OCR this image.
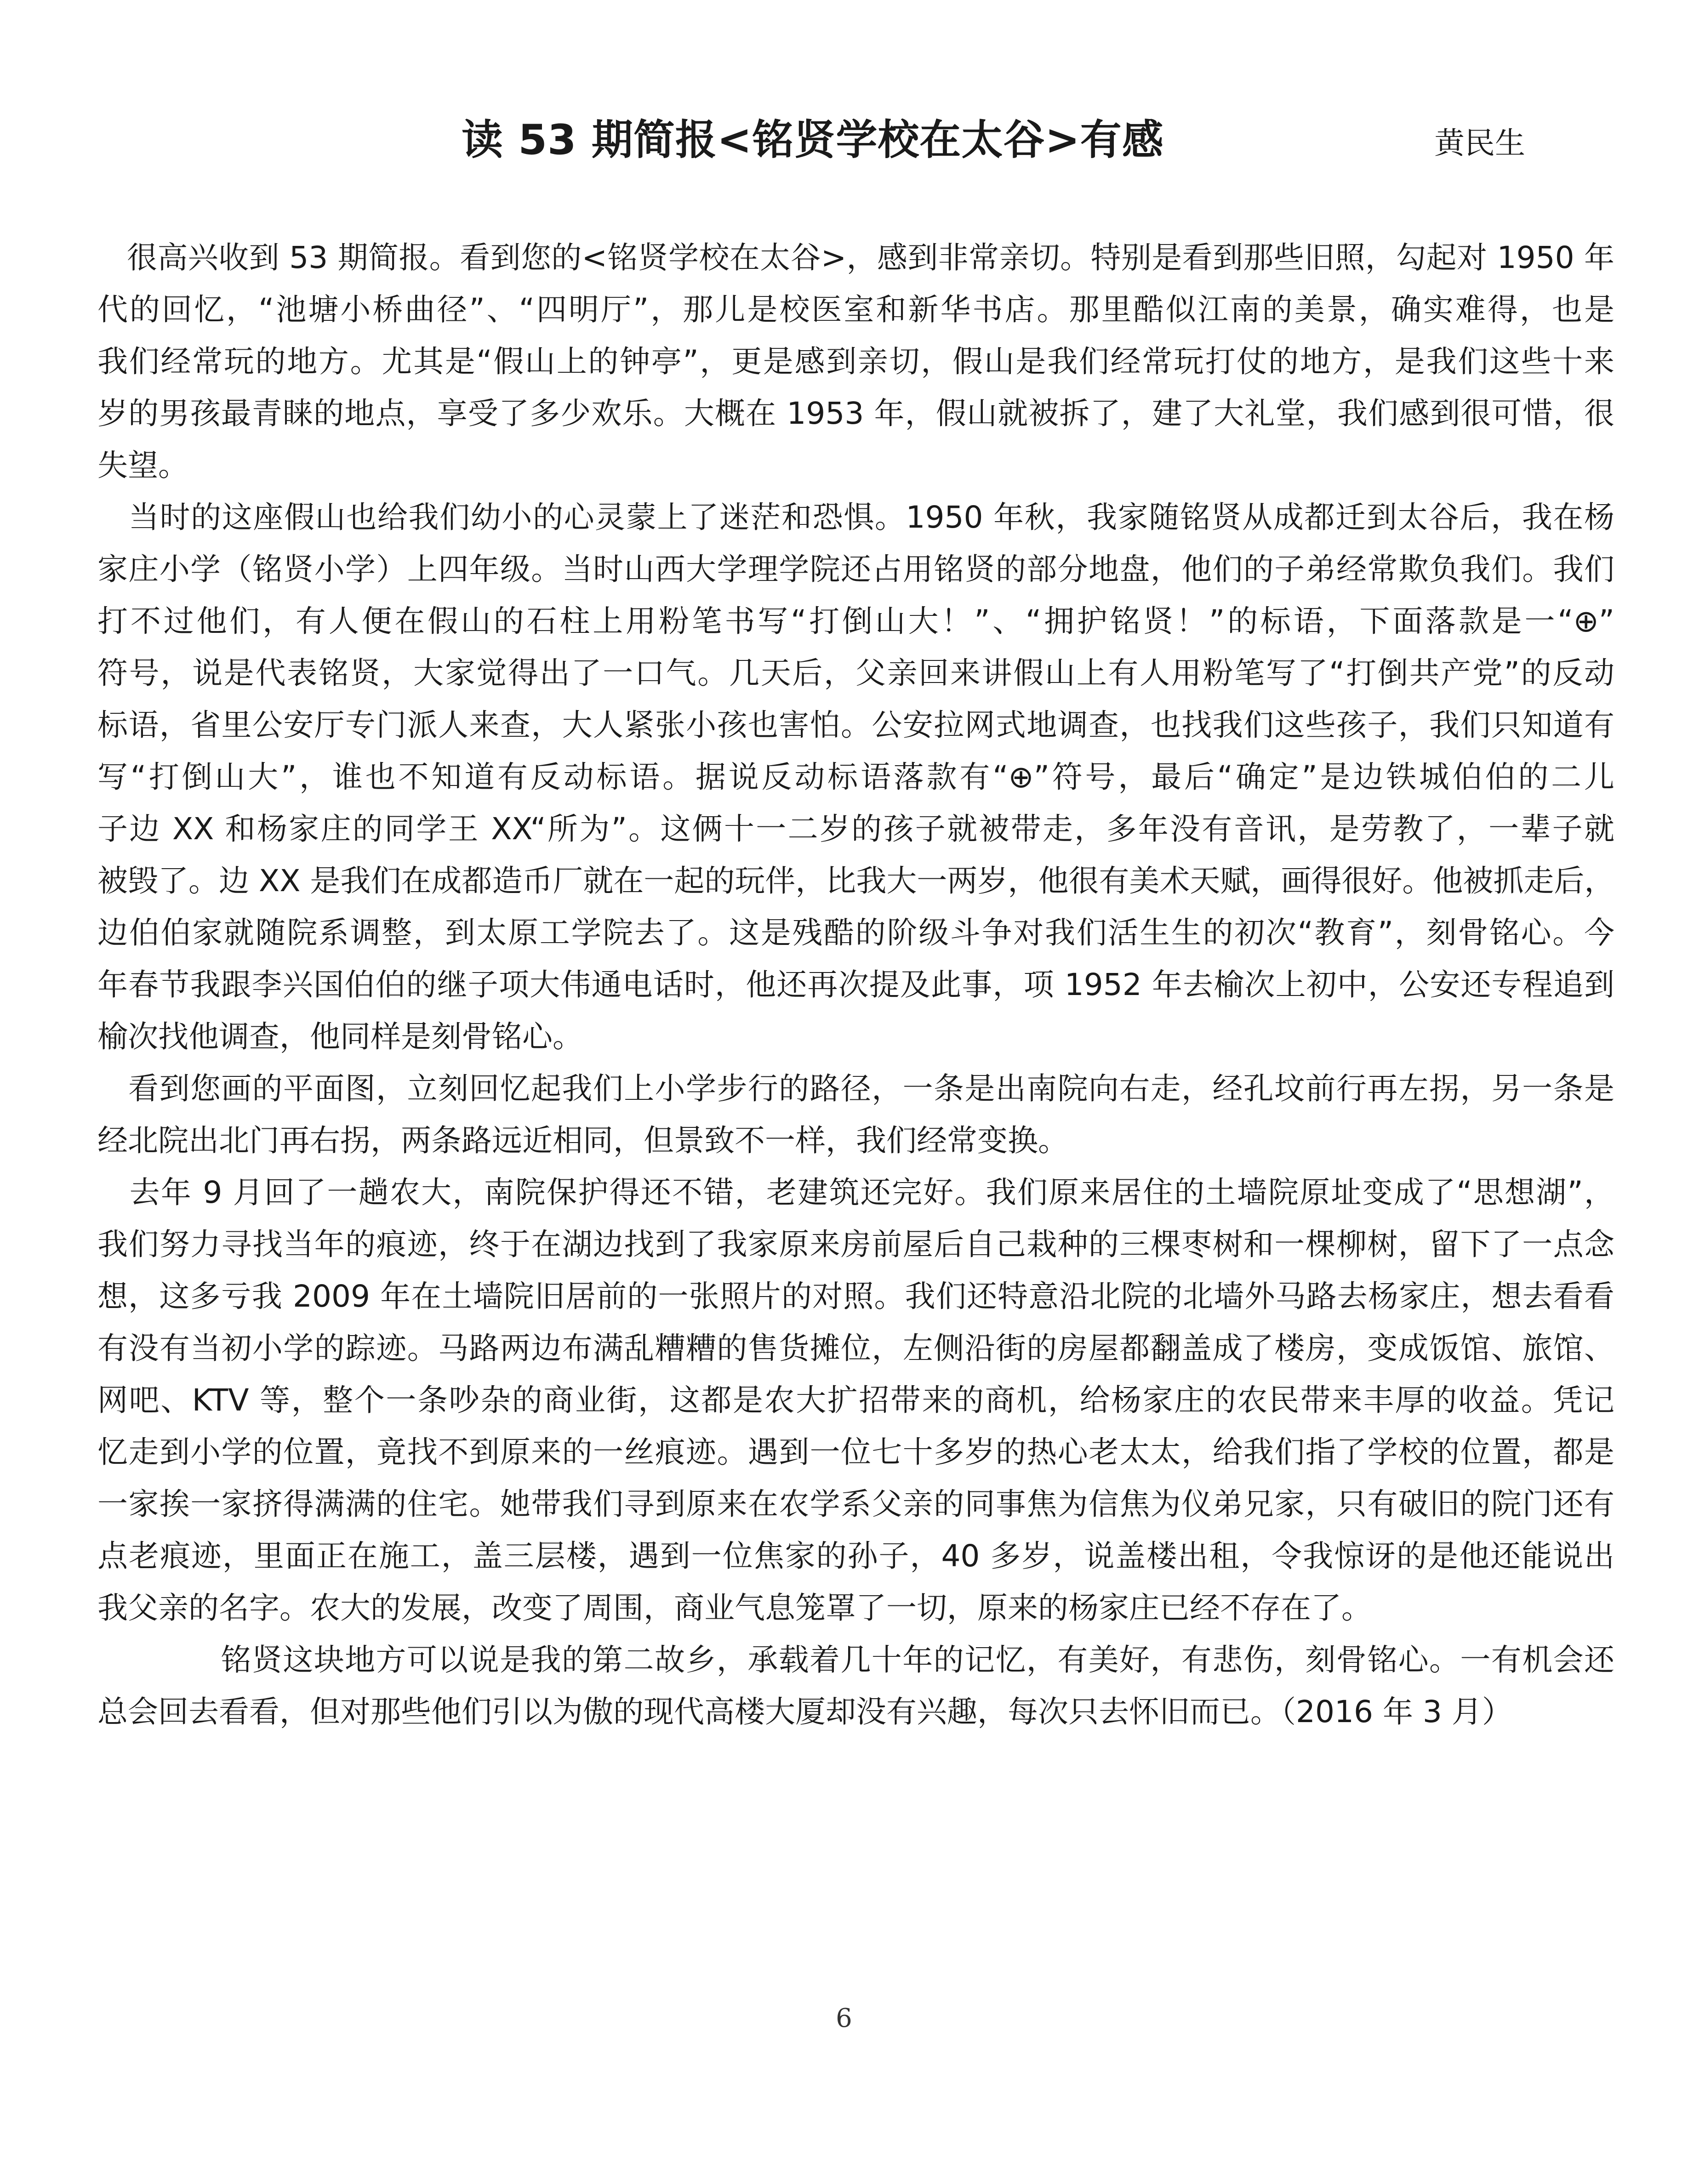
读 53 期简报<铭贤学校在太谷>有感	黄民生
很高兴收到 53 期简报。看到您的<铭贤学校在太谷>，感到非常亲切。特别是看到那些旧照，勾起对 1950 年
代的回忆，“池塘小桥曲径”、“四明厅”，那儿是校医室和新华书店。那里酷似江南的美景，确实难得，也是
我们经常玩的地方。尤其是“假山上的钟亭”，更是感到亲切，假山是我们经常玩打仗的地方，是我们这些十来
岁的男孩最青睐的地点，享受了多少欢乐。大概在 1953 年，假山就被拆了，建了大礼堂，我们感到很可惜，很
失望。
当时的这座假山也给我们幼小的心灵蒙上了迷茫和恐惧。1950 年秋，我家随铭贤从成都迁到太谷后，我在杨
家庄小学（铭贤小学）上四年级。当时山西大学理学院还占用铭贤的部分地盘，他们的子弟经常欺负我们。我们
打不过他们，有人便在假山的石柱上用粉笔书写“打倒山大！”、“拥护铭贤！”的标语，下面落款是一“⊕”
符号，说是代表铭贤，大家觉得出了一口气。几天后，父亲回来讲假山上有人用粉笔写了“打倒共产党”的反动
标语，省里公安厅专门派人来查，大人紧张小孩也害怕。公安拉网式地调查，也找我们这些孩子，我们只知道有
写“打倒山大”，谁也不知道有反动标语。据说反动标语落款有“⊕”符号，最后“确定”是边铁城伯伯的二儿
子边 XX 和杨家庄的同学王 XX“所为”。这俩十一二岁的孩子就被带走，多年没有音讯，是劳教了，一辈子就
被毁了。边 XX 是我们在成都造币厂就在一起的玩伴，比我大一两岁，他很有美术天赋，画得很好。他被抓走后，
边伯伯家就随院系调整，到太原工学院去了。这是残酷的阶级斗争对我们活生生的初次“教育”，刻骨铭心。今
年春节我跟李兴国伯伯的继子项大伟通电话时，他还再次提及此事，项 1952 年去榆次上初中，公安还专程追到
榆次找他调查，他同样是刻骨铭心。
看到您画的平面图，立刻回忆起我们上小学步行的路径，一条是出南院向右走，经孔坟前行再左拐，另一条是
经北院出北门再右拐，两条路远近相同，但景致不一样，我们经常变换。
去年 9 月回了一趟农大，南院保护得还不错，老建筑还完好。我们原来居住的土墙院原址变成了“思想湖”，
我们努力寻找当年的痕迹，终于在湖边找到了我家原来房前屋后自己栽种的三棵枣树和一棵柳树，留下了一点念
想，这多亏我 2009 年在土墙院旧居前的一张照片的对照。我们还特意沿北院的北墙外马路去杨家庄，想去看看
有没有当初小学的踪迹。马路两边布满乱糟糟的售货摊位，左侧沿街的房屋都翻盖成了楼房，变成饭馆、旅馆、
网吧、KTV 等，整个一条吵杂的商业街，这都是农大扩招带来的商机，给杨家庄的农民带来丰厚的收益。凭记
忆走到小学的位置，竟找不到原来的一丝痕迹。遇到一位七十多岁的热心老太太，给我们指了学校的位置，都是
一家挨一家挤得满满的住宅。她带我们寻到原来在农学系父亲的同事焦为信焦为仪弟兄家，只有破旧的院门还有
点老痕迹，里面正在施工，盖三层楼，遇到一位焦家的孙子，40 多岁，说盖楼出租，令我惊讶的是他还能说出
我父亲的名字。农大的发展，改变了周围，商业气息笼罩了一切，原来的杨家庄已经不存在了。
铭贤这块地方可以说是我的第二故乡，承载着几十年的记忆，有美好，有悲伤，刻骨铭心。一有机会还
总会回去看看，但对那些他们引以为傲的现代高楼大厦却没有兴趣，每次只去怀旧而已。（2016 年 3 月）
6
